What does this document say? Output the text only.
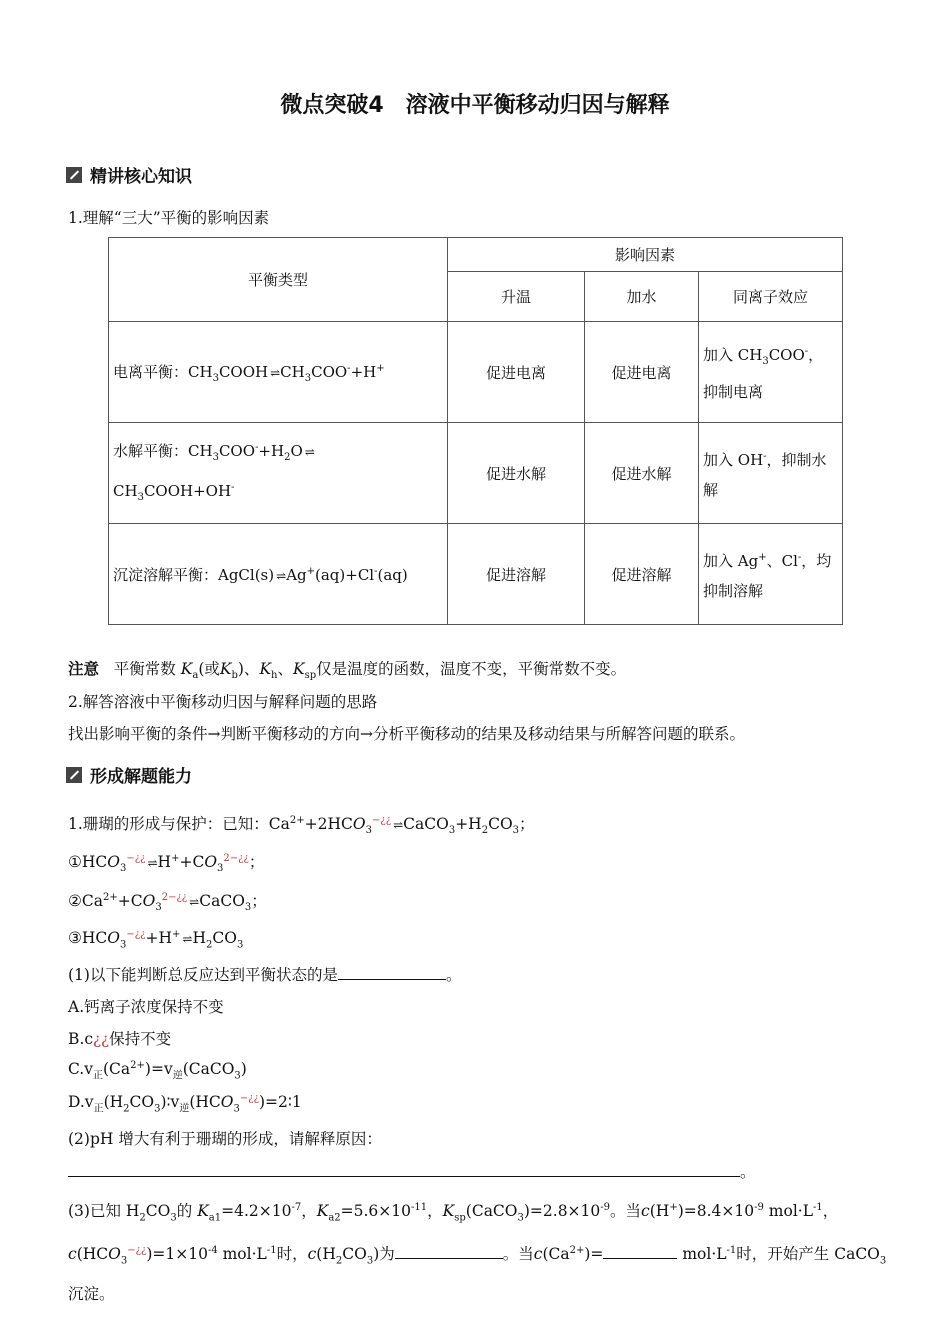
微点突破4　溶液中平衡移动归因与解释
精讲核心知识
1.理解“三大”平衡的影响因素
平衡类型	影响因素		
	升温	加水	同离子效应
电离平衡：$CH_3COOH$ ⇌ $CH_3COO^-+H^+$	促进电离	促进电离	加入 $CH_3COO^-$，
抑制电离
水解平衡：$CH_3COO^-+H_2O$ ⇌
$CH_3COOH+OH^-$	促进水解	促进水解	加入 OH-，抑制水
解
沉淀溶解平衡：AgCl(s) ⇌ Ag+(aq)+Cl-(aq)	促进溶解	促进溶解	加入 Ag+、Cl-，均
抑制溶解
注意 平衡常数 $K_a$(或$K_b$)、$K_h$、$K_{sp}$仅是温度的函数，温度不变，平衡常数不变。
2.解答溶液中平衡移动归因与解释问题的思路
找出影响平衡的条件→判断平衡移动的方向→分析平衡移动的结果及移动结果与所解答问题的联系。
形成解题能力
1.珊瑚的形成与保护：已知：$Ca^{2+}+2HCO_3^{-¿¿}$ ⇌ $CaCO_3+H_2CO_3$；
$①HCO_3^{-¿¿}$ ⇌ $H^++CO_3^{2-¿¿}$；
$②Ca^{2+}+CO_3^{2-¿¿}$ ⇌ CaCO$_3$；
$③HCO_3^{-¿¿}+H^+$ ⇌ $H_2CO_3$
(1)以下能判断总反应达到平衡状态的是	。
A.钙离子浓度保持不变
B.c¿¿保持不变
$C.v_正(Ca^{2+})=v_逆(CaCO_3)$
$D.v_正(H_2CO_3)∶v_逆(HCO_3^{-¿¿})=2∶1$
(2)pH 增大有利于珊瑚的形成，请解释原因：
。
(3)已知 $H_2CO_3$的 $K_{a1}=4.2\times 10^{-7}$，$K_{a2}=5.6\times 10^{-11}$，$K_{sp}(CaCO_3)=2.8\times 10^{-9}$。当$c(H^+)=8.4\times 10^{-9}$ $mol\cdot L^{-1}$，$c(HCO_3^{-¿¿})=1\times 10^{-4}$ $mol\cdot L^{-1}$时，$c(H_2CO_3)$为	。当$c(Ca^{2+})=$	$mol\cdot L^{-1}$时，开始产生 CaCO$_3$
沉淀。
